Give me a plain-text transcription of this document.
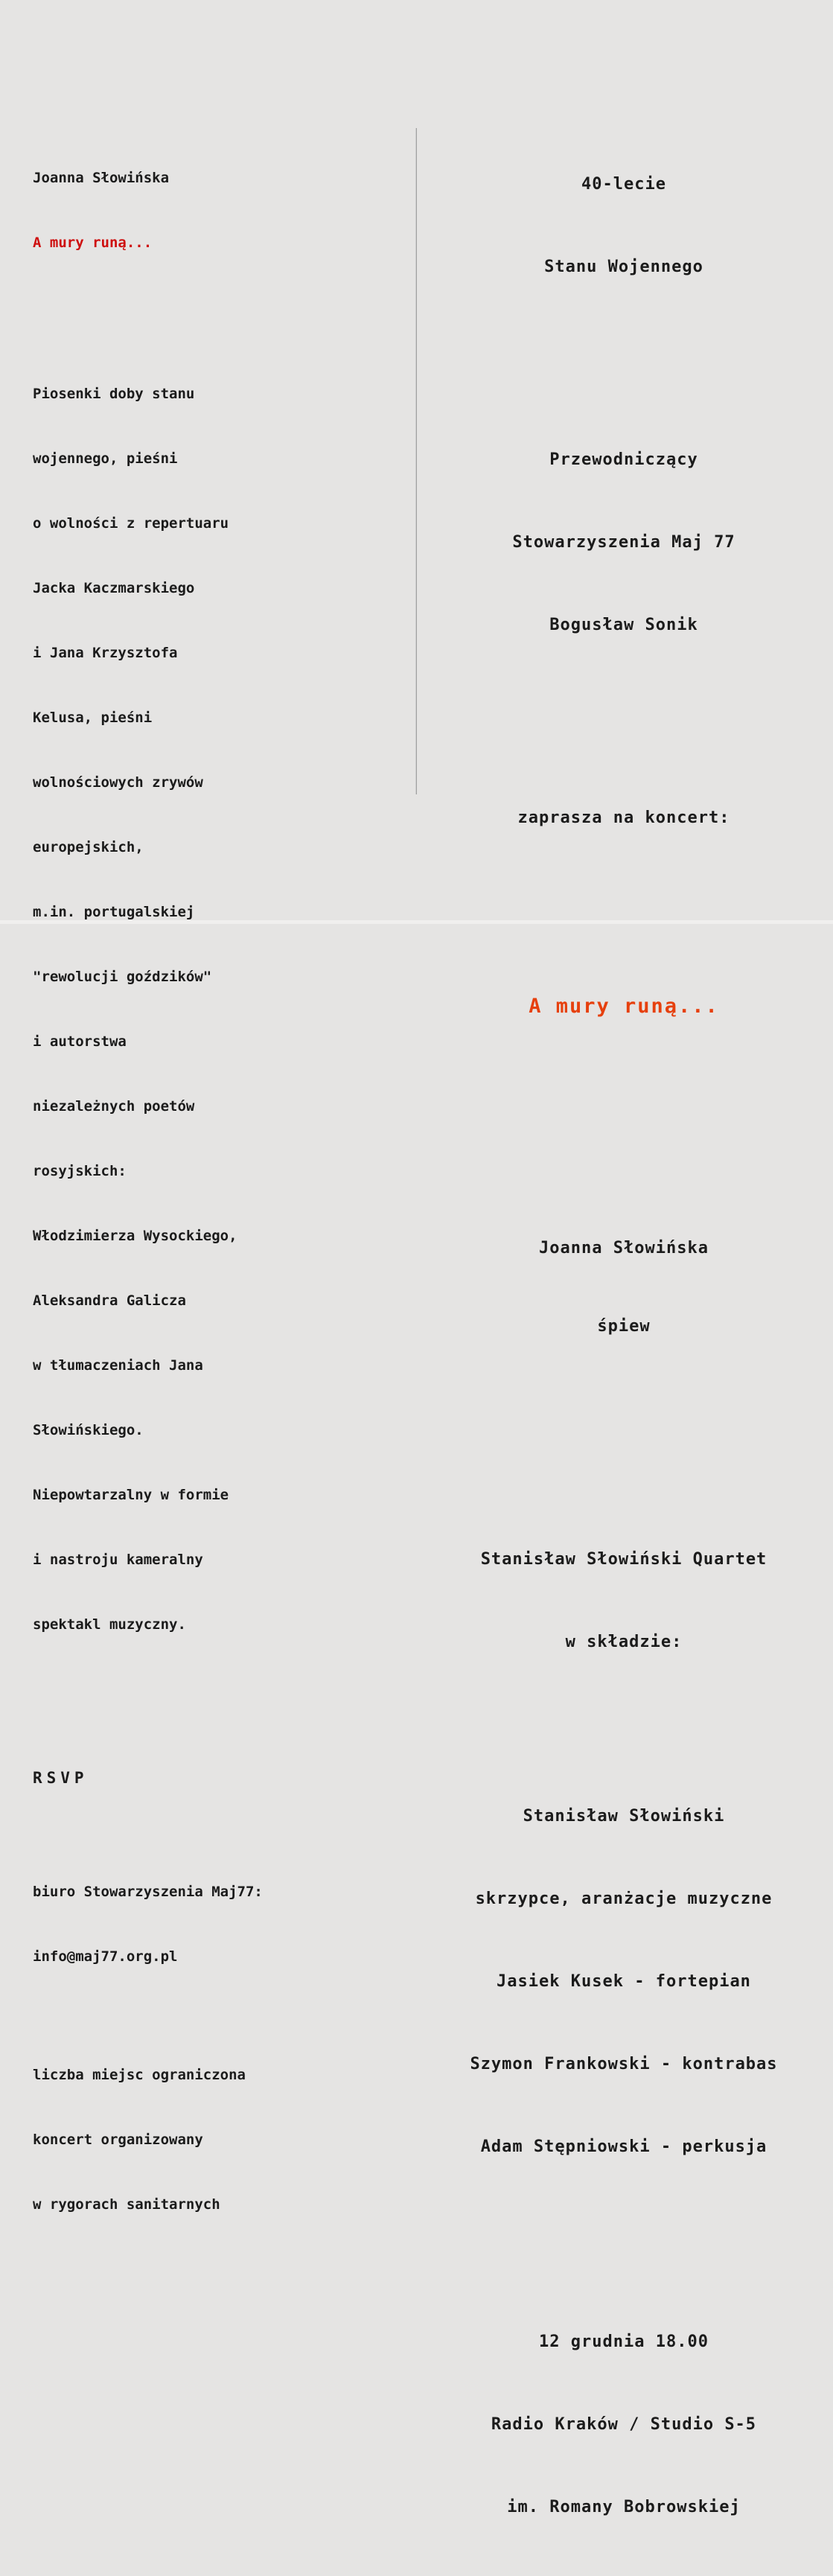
Joanna Słowińska

A mury runą...

Piosenki doby stanu

wojennego, pieśni

o wolności z repertuaru

Jacka Kaczmarskiego

i Jana Krzysztofa

Kelusa, pieśni

wolnościowych zrywów

europejskich,

m.in. portugalskiej

"rewolucji goździków"

i autorstwa

niezależnych poetów

rosyjskich:

Włodzimierza Wysockiego,

Aleksandra Galicza

w tłumaczeniach Jana

Słowińskiego.

Niepowtarzalny w formie

i nastroju kameralny

spektakl muzyczny.

RSVP

biuro Stowarzyszenia Maj77:

info@maj77.org.pl

liczba miejsc ograniczona

koncert organizowany

w rygorach sanitarnych

40-lecie

Stanu Wojennego

Przewodniczący

Stowarzyszenia Maj 77

Bogusław Sonik

zaprasza na koncert:

A mury runą...

Joanna Słowińska

śpiew

Stanisław Słowiński Quartet

w składzie:

Stanisław Słowiński

skrzypce, aranżacje muzyczne

Jasiek Kusek - fortepian

Szymon Frankowski - kontrabas

Adam Stępniowski - perkusja

12 grudnia 18.00

Radio Kraków / Studio S-5

im. Romany Bobrowskiej
